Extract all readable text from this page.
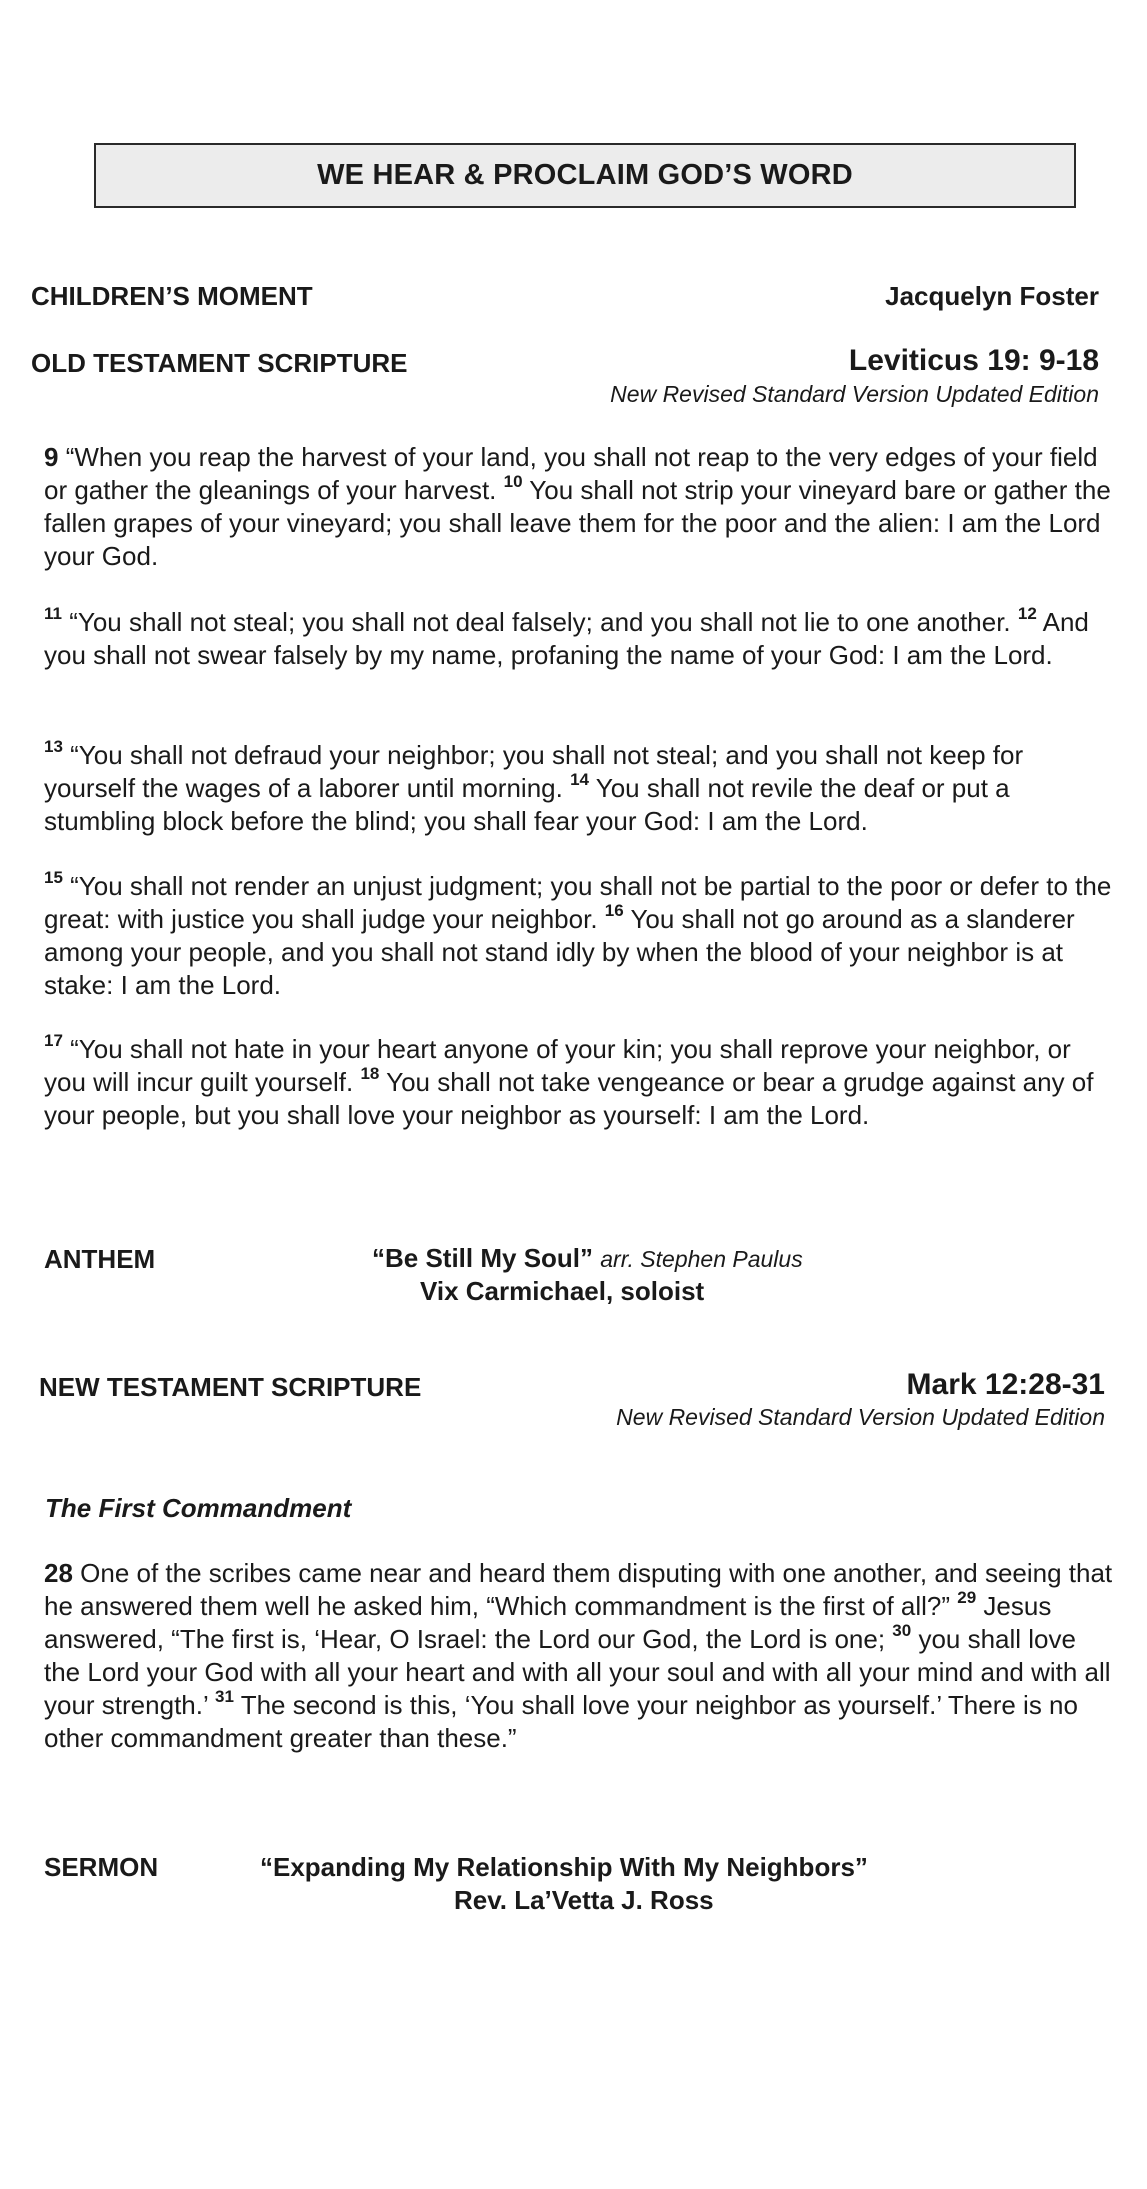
WE HEAR & PROCLAIM GOD’S WORD
CHILDREN’S MOMENT	Jacquelyn Foster
OLD TESTAMENT SCRIPTURE	Leviticus 19: 9-18
New Revised Standard Version Updated Edition

9 “When you reap the harvest of your land, you shall not reap to the very edges of your field or gather the gleanings of your harvest. $^{10}$ You shall not strip your vineyard bare or gather the fallen grapes of your vineyard; you shall leave them for the poor and the alien: I am the Lord your God.

$^{11}$ “You shall not steal; you shall not deal falsely; and you shall not lie to one another. $^{12}$ And you shall not swear falsely by my name, profaning the name of your God: I am the Lord.

$^{13}$ “You shall not defraud your neighbor; you shall not steal; and you shall not keep for yourself the wages of a laborer until morning. $^{14}$ You shall not revile the deaf or put a stumbling block before the blind; you shall fear your God: I am the Lord.

$^{15}$ “You shall not render an unjust judgment; you shall not be partial to the poor or defer to the great: with justice you shall judge your neighbor. $^{16}$ You shall not go around as a slanderer among your people, and you shall not stand idly by when the blood of your neighbor is at stake: I am the Lord.

$^{17}$ “You shall not hate in your heart anyone of your kin; you shall reprove your neighbor, or you will incur guilt yourself. $^{18}$ You shall not take vengeance or bear a grudge against any of your people, but you shall love your neighbor as yourself: I am the Lord.

ANTHEM	“Be Still My Soul” arr. Stephen Paulus
Vix Carmichael, soloist
NEW TESTAMENT SCRIPTURE	Mark 12:28-31
New Revised Standard Version Updated Edition
The First Commandment

28 One of the scribes came near and heard them disputing with one another, and seeing that he answered them well he asked him, “Which commandment is the first of all?” $^{29}$ Jesus answered, “The first is, ‘Hear, O Israel: the Lord our God, the Lord is one; $^{30}$ you shall love the Lord your God with all your heart and with all your soul and with all your mind and with all your strength.’ $^{31}$ The second is this, ‘You shall love your neighbor as yourself.’ There is no other commandment greater than these.”

SERMON	“Expanding My Relationship With My Neighbors”
Rev. La’Vetta J. Ross
